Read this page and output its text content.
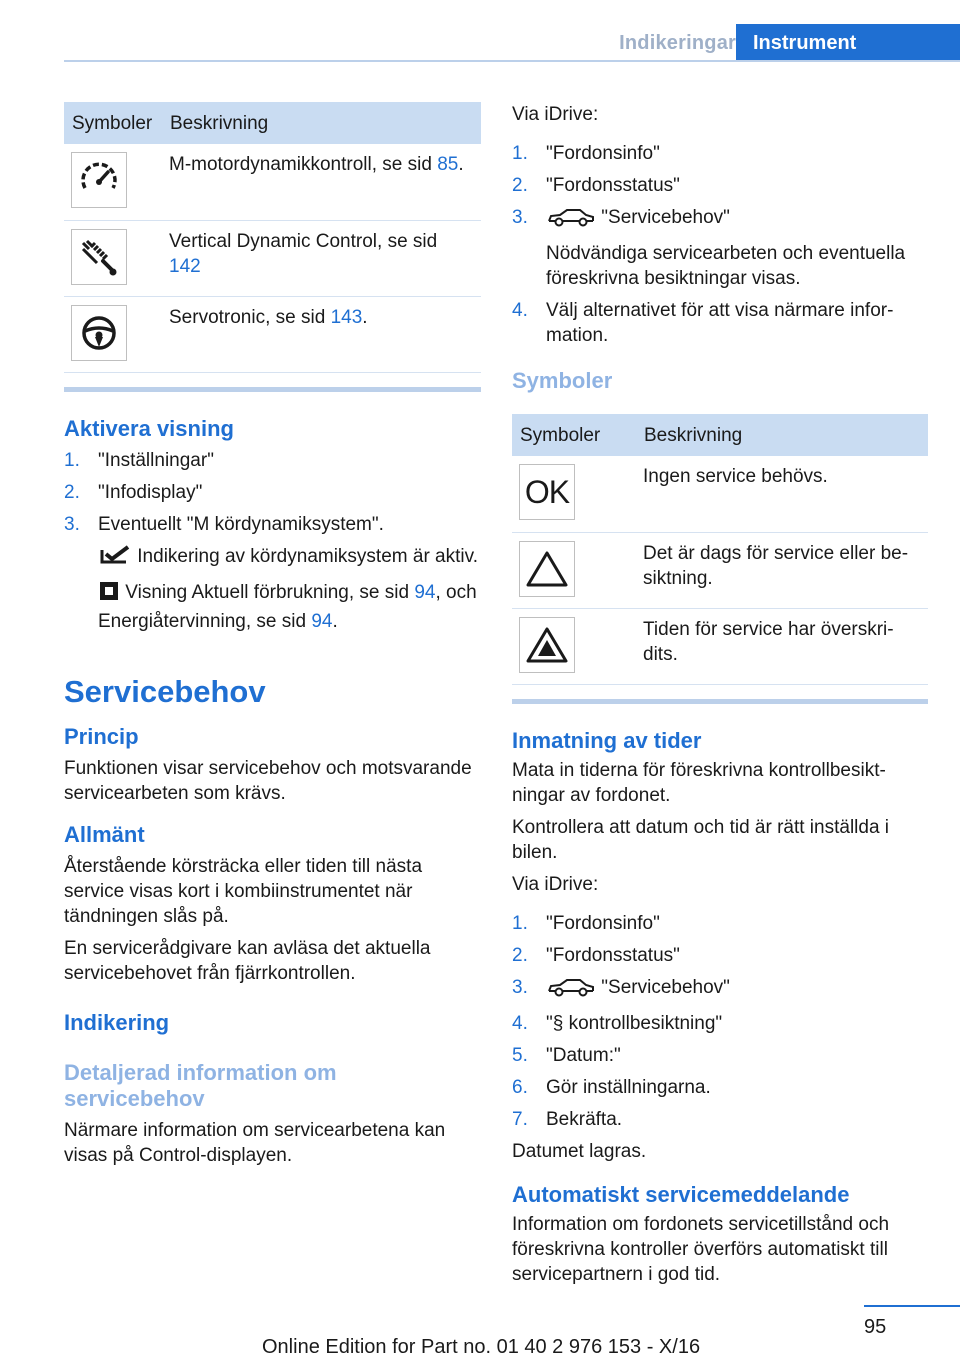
Indikeringar Instrument
Symboler	Beskrivning

	M-motordynamikkontroll, se sid 85.

	Vertical Dynamic Control, se sid 142

	Servotronic, se sid 143.
Aktivera visning
1. "Inställningar"
2. "Infodisplay"
3. Eventuellt "M kördynamiksystem".
Indikering av kördynamiksystem är aktiv.
Visning Aktuell förbrukning, se sid 94, och Energiåtervinning, se sid 94.
Servicebehov
Princip

Funktionen visar servicebehov och motsvarande servicearbeten som krävs.

Allmänt

Återstående körsträcka eller tiden till nästa service visas kort i kombiinstrumentet när tändningen slås på.

En servicerådgivare kan avläsa det aktuella servicebehovet från fjärrkontrollen.

Indikering
Detaljerad information om servicebehov

Närmare information om servicearbetena kan visas på Control-displayen.

Via iDrive:

1. "Fordonsinfo"
2. "Fordonsstatus"
3.	"Servicebehov"
Nödvändiga servicearbeten och eventuella föreskrivna besiktningar visas.
4. Välj alternativet för att visa närmare information.
Symboler
Symboler	Beskrivning

OK	Ingen service behövs.

	Det är dags för service eller besiktning.

	Tiden för service har överskridits.
Inmatning av tider

Mata in tiderna för föreskrivna kontrollbesiktningar av fordonet.

Kontrollera att datum och tid är rätt inställda i bilen.

Via iDrive:

1. "Fordonsinfo"
2. "Fordonsstatus"
3.	"Servicebehov"
4. "§ kontrollbesiktning"
5. "Datum:"
6. Gör inställningarna.
7. Bekräfta.

Datumet lagras.

Automatiskt servicemeddelande

Information om fordonets servicetillstånd och föreskrivna kontroller överförs automatiskt till servicepartnern i god tid.

95
Online Edition for Part no. 01 40 2 976 153 - X/16
